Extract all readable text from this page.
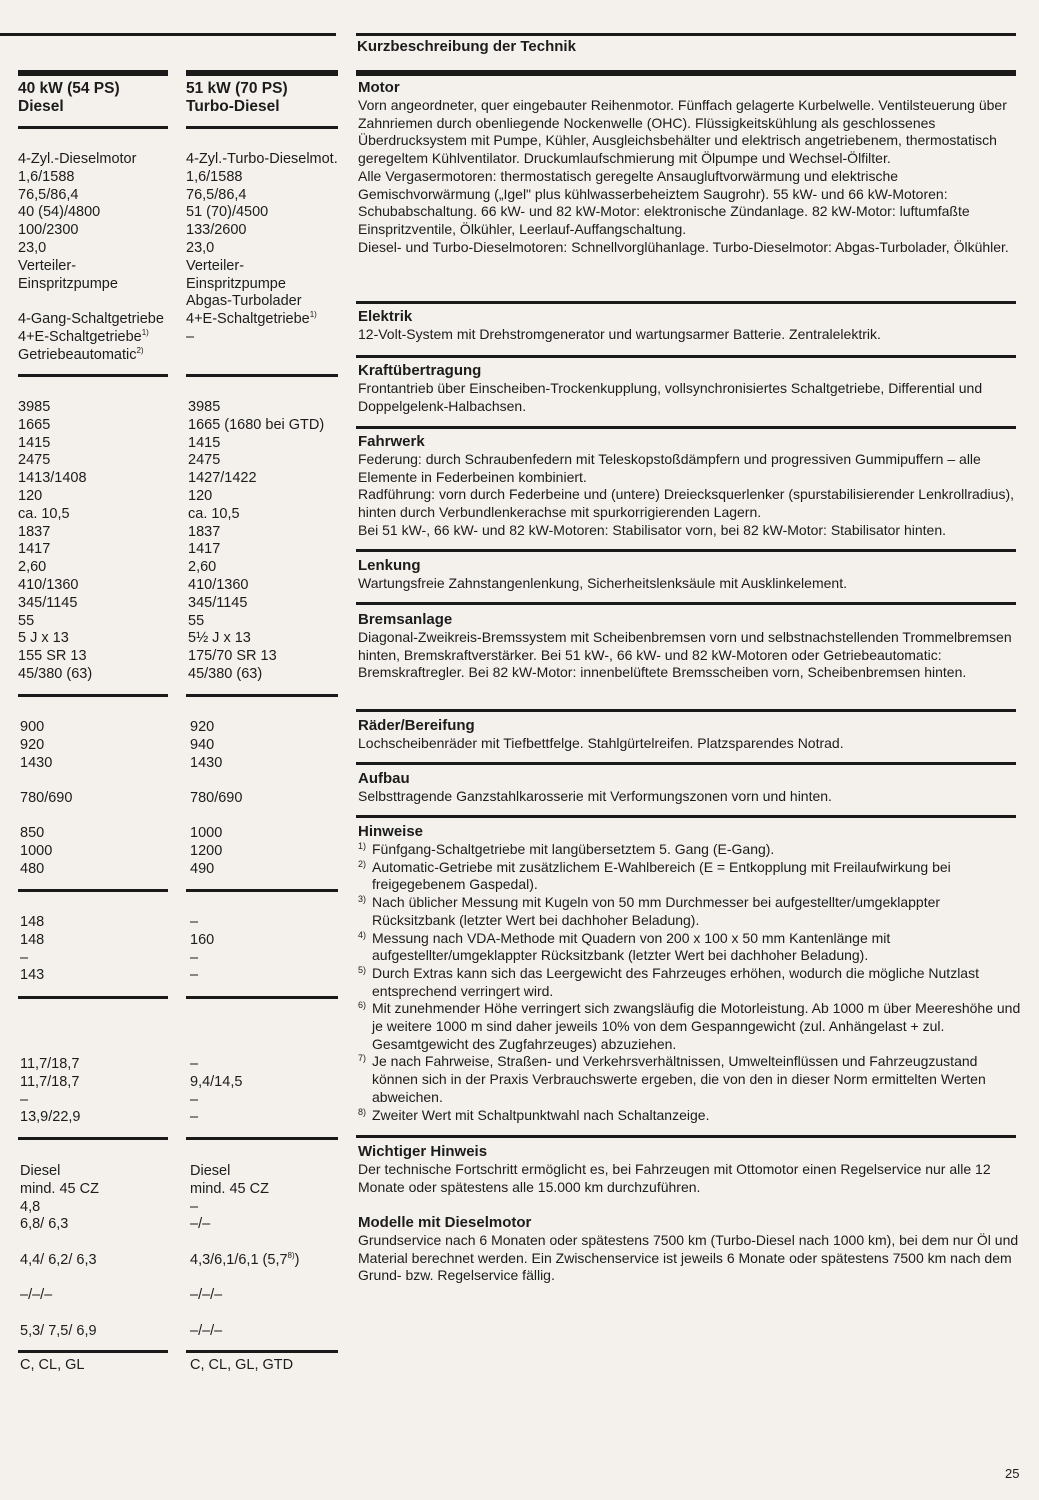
Kurzbeschreibung der Technik
40 kW (54 PS)
Diesel
4-Zyl.-Dieselmotor
1,6/1588
76,5/86,4
40 (54)/4800
100/2300
23,0
Verteiler-
Einspritzpumpe
4-Gang-Schaltgetriebe
4+E-Schaltgetriebe$^{1)}$
Getriebeautomatic$^{2)}$
3985
1665
1415
2475
1413/1408
120
ca. 10,5
1837
1417
2,60
410/1360
345/1145
55
5 J x 13
155 SR 13
45/380 (63)
900
920
1430
780/690
850
1000
480
148
148
–
143
11,7/18,7
11,7/18,7
–
13,9/22,9
Diesel
mind. 45 CZ
4,8
6,8/ 6,3
4,4/ 6,2/ 6,3
–/–/–
5,3/ 7,5/ 6,9
C, CL, GL
51 kW (70 PS)
Turbo-Diesel
4-Zyl.-Turbo-Dieselmot.
1,6/1588
76,5/86,4
51 (70)/4500
133/2600
23,0
Verteiler-
Einspritzpumpe
Abgas-Turbolader
4+E-Schaltgetriebe$^{1)}$
–
3985
1665 (1680 bei GTD)
1415
2475
1427/1422
120
ca. 10,5
1837
1417
2,60
410/1360
345/1145
55
5½ J x 13
175/70 SR 13
45/380 (63)
920
940
1430
780/690
1000
1200
490
–
160
–
–
–
9,4/14,5
–
–
Diesel
mind. 45 CZ
–
–/–
4,3/6,1/6,1 (5,7$^{8)}$)
–/–/–
–/–/–
C, CL, GL, GTD
Motor

Vorn angeordneter, quer eingebauter Reihenmotor. Fünffach gelagerte Kurbelwelle. Ventilsteuerung über Zahnriemen durch obenliegende Nockenwelle (OHC). Flüssigkeitskühlung als geschlossenes Überdrucksystem mit Pumpe, Kühler, Ausgleichsbehälter und elektrisch angetriebenem, thermostatisch geregeltem Kühlventilator. Druckumlaufschmierung mit Ölpumpe und Wechsel-Ölfilter.

Alle Vergasermotoren: thermostatisch geregelte Ansaugluftvorwärmung und elektrische Gemischvorwärmung („Igel" plus kühlwasserbeheiztem Saugrohr). 55 kW- und 66 kW-Motoren: Schubabschaltung. 66 kW- und 82 kW-Motor: elektronische Zündanlage. 82 kW-Motor: luftumfaßte Einspritzventile, Ölkühler, Leerlauf-Auffangschaltung.

Diesel- und Turbo-Dieselmotoren: Schnellvorglühanlage. Turbo-Dieselmotor: Abgas-Turbolader, Ölkühler.

Elektrik

12-Volt-System mit Drehstromgenerator und wartungsarmer Batterie. Zentralelektrik.

Kraftübertragung

Frontantrieb über Einscheiben-Trockenkupplung, vollsynchronisiertes Schaltgetriebe, Differential und Doppelgelenk-Halbachsen.

Fahrwerk

Federung: durch Schraubenfedern mit Teleskopstoßdämpfern und progressiven Gummipuffern – alle Elemente in Federbeinen kombiniert.

Radführung: vorn durch Federbeine und (untere) Dreiecksquerlenker (spurstabilisierender Lenkrollradius), hinten durch Verbundlenkerachse mit spurkorrigierenden Lagern.

Bei 51 kW-, 66 kW- und 82 kW-Motoren: Stabilisator vorn, bei 82 kW-Motor: Stabilisator hinten.

Lenkung

Wartungsfreie Zahnstangenlenkung, Sicherheitslenksäule mit Ausklinkelement.

Bremsanlage

Diagonal-Zweikreis-Bremssystem mit Scheibenbremsen vorn und selbstnachstellenden Trommelbremsen hinten, Bremskraftverstärker. Bei 51 kW-, 66 kW- und 82 kW-Motoren oder Getriebeautomatic: Bremskraftregler. Bei 82 kW-Motor: innenbelüftete Bremsscheiben vorn, Scheibenbremsen hinten.

Räder/Bereifung

Lochscheibenräder mit Tiefbettfelge. Stahlgürtelreifen. Platzsparendes Notrad.

Aufbau

Selbsttragende Ganzstahlkarosserie mit Verformungszonen vorn und hinten.

Hinweise
1) Fünfgang-Schaltgetriebe mit langübersetztem 5. Gang (E-Gang).
2) Automatic-Getriebe mit zusätzlichem E-Wahlbereich (E = Entkopplung mit Freilaufwirkung bei freigegebenem Gaspedal).
3) Nach üblicher Messung mit Kugeln von 50 mm Durchmesser bei aufgestellter/umgeklappter Rücksitzbank (letzter Wert bei dachhoher Beladung).
4) Messung nach VDA-Methode mit Quadern von 200 x 100 x 50 mm Kantenlänge mit aufgestellter/umgeklappter Rücksitzbank (letzter Wert bei dachhoher Beladung).
5) Durch Extras kann sich das Leergewicht des Fahrzeuges erhöhen, wodurch die mögliche Nutzlast entsprechend verringert wird.
6) Mit zunehmender Höhe verringert sich zwangsläufig die Motorleistung. Ab 1000 m über Meereshöhe und je weitere 1000 m sind daher jeweils 10% von dem Gespanngewicht (zul. Anhängelast + zul. Gesamtgewicht des Zugfahrzeuges) abzuziehen.
7) Je nach Fahrweise, Straßen- und Verkehrsverhältnissen, Umwelteinflüssen und Fahrzeugzustand können sich in der Praxis Verbrauchswerte ergeben, die von den in dieser Norm ermittelten Werten abweichen.
8) Zweiter Wert mit Schaltpunktwahl nach Schaltanzeige.
Wichtiger Hinweis

Der technische Fortschritt ermöglicht es, bei Fahrzeugen mit Ottomotor einen Regelservice nur alle 12 Monate oder spätestens alle 15.000 km durchzuführen.

Modelle mit Dieselmotor

Grundservice nach 6 Monaten oder spätestens 7500 km (Turbo-Diesel nach 1000 km), bei dem nur Öl und Material berechnet werden. Ein Zwischenservice ist jeweils 6 Monate oder spätestens 7500 km nach dem Grund- bzw. Regelservice fällig.

25
